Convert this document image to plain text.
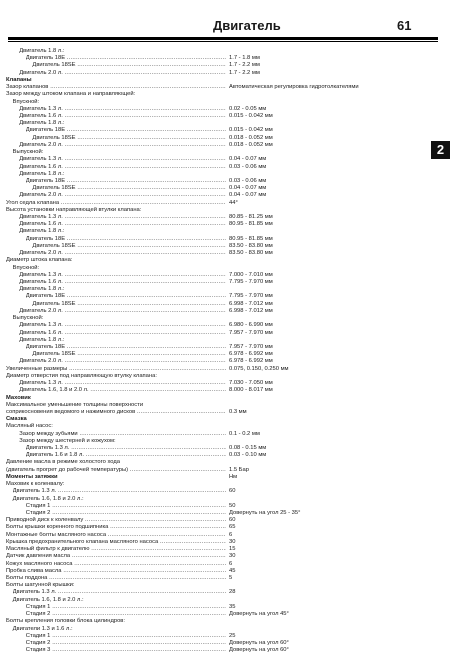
Двигатель	61
2
Двигатель 1.8 л.:
Двигатель 18E .....	1.7 - 1.8 мм
Двигатель 18SE .....	1.7 - 2.2 мм
Двигатель 2.0 л. .....	1.7 - 2.2 мм
Клапаны
Зазор клапанов .....	Автоматическая регулировка гидротолкателями
Зазор между штоком клапана и направляющей:
Впускной:
Двигатель 1.3 л. .....	0.02 - 0.05 мм
Двигатель 1.6 л. .....	0.015 - 0.042 мм
Двигатель 1.8 л.:
Двигатель 18E .....	0.015 - 0.042 мм
Двигатель 18SE .....	0.018 - 0.052 мм
Двигатель 2.0 л. .....	0.018 - 0.052 мм
Выпускной:
Двигатель 1.3 л. .....	0.04 - 0.07 мм
Двигатель 1.6 л. .....	0.03 - 0.06 мм
Двигатель 1.8 л.:
Двигатель 18E .....	0.03 - 0.06 мм
Двигатель 18SE .....	0.04 - 0.07 мм
Двигатель 2.0 л. .....	0.04 - 0.07 мм
Угол седла клапана .....	44°
Высота установки направляющей втулки клапана:
Двигатель 1.3 л. .....	80.85 - 81.25 мм
Двигатель 1.6 л. .....	80.95 - 81.85 мм
Двигатель 1.8 л.:
Двигатель 18E .....	80.95 - 81.85 мм
Двигатель 18SE .....	83.50 - 83.80 мм
Двигатель 2.0 л. .....	83.50 - 83.80 мм
Диаметр штока клапана:
Впускной:
Двигатель 1.3 л. .....	7.000 - 7.010 мм
Двигатель 1.6 л. .....	7.795 - 7.970 мм
Двигатель 1.8 л.:
Двигатель 18E .....	7.795 - 7.970 мм
Двигатель 18SE .....	6.998 - 7.012 мм
Двигатель 2.0 л. .....	6.998 - 7.012 мм
Выпускной:
Двигатель 1.3 л. .....	6.980 - 6.990 мм
Двигатель 1.6 л. .....	7.957 - 7.970 мм
Двигатель 1.8 л.:
Двигатель 18E .....	7.957 - 7.970 мм
Двигатель 18SE .....	6.978 - 6.992 мм
Двигатель 2.0 л. .....	6.978 - 6.992 мм
Увеличенные размеры .....	0.075, 0.150, 0.250 мм
Диаметр отверстия под направляющую втулку клапана:
Двигатель 1.3 л. .....	7.030 - 7.050 мм
Двигатель 1.6, 1.8 и 2.0 л. .....	8.000 - 8.017 мм
Маховик
Максимальное уменьшение толщины поверхности
соприкосновения ведомого и нажимного дисков .....	0.3 мм
Смазка
Масляный насос:
Зазор между зубьями .....	0.1 - 0.2 мм
Зазор между шестерней и кожухом:
Двигатель 1.3 л. .....	0.08 - 0.15 мм
Двигатель 1.6 и 1.8 л. .....	0.03 - 0.10 мм
Давление масла в режиме холостого хода
(двигатель прогрет до рабочей температуры) .....	1.5 Бар
Моменты затяжки	Нм
Маховик к коленвалу:
Двигатель 1.3 л. .....	60
Двигатель 1.6, 1.8 и 2.0 л.:
Стадия 1 .....	50
Стадия 2 .....	Довернуть на угол 25 - 35°
Приводной диск к коленвалу .....	60
Болты крышки коренного подшипника .....	65
Монтажные болты масляного насоса .....	6
Крышка предохранительного клапана масляного насоса .....	30
Масляный фильтр к двигателю .....	15
Датчик давления масла .....	30
Кожух масляного насоса .....	6
Пробка слива масла .....	45
Болты поддона .....	5
Болты шатунной крышки:
Двигатель 1.3 л. .....	28
Двигатель 1.6, 1.8 и 2.0 л.:
Стадия 1 .....	35
Стадия 2 .....	Довернуть на угол 45°
Болты крепления головки блока цилиндров:
Двигатели 1.3 и 1.6 л.:
Стадия 1 .....	25
Стадия 2 .....	Довернуть на угол 60°
Стадия 3 .....	Довернуть на угол 60°
